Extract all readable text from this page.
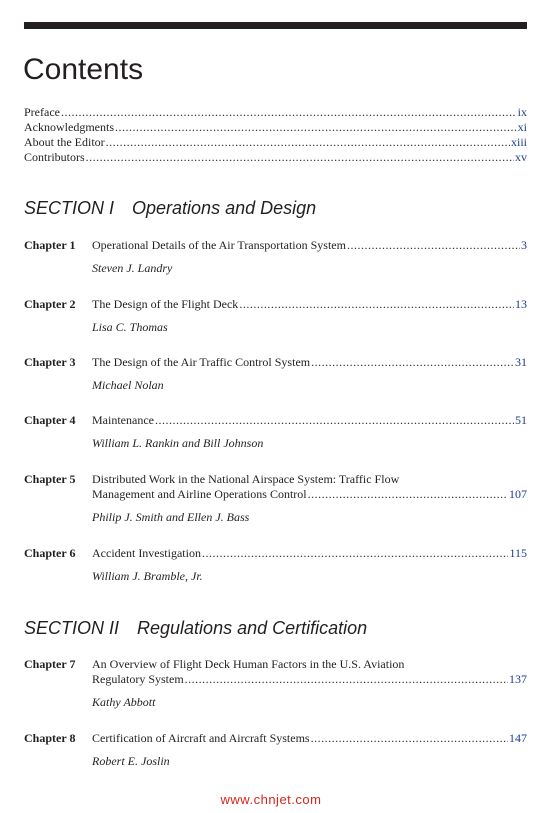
Contents
Preface .....	ix
Acknowledgments .....	xi
About the Editor .....	xiii
Contributors .....	xv
SECTION I Operations and Design
Chapter 1 Operational Details of the Air Transportation System .....	3
Steven J. Landry
Chapter 2 The Design of the Flight Deck .....	13
Lisa C. Thomas
Chapter 3 The Design of the Air Traffic Control System .....	31
Michael Nolan
Chapter 4 Maintenance .....	51
William L. Rankin and Bill Johnson
Chapter 5 Distributed Work in the National Airspace System: Traffic Flow
Management and Airline Operations Control .....	107
Philip J. Smith and Ellen J. Bass
Chapter 6 Accident Investigation .....	115
William J. Bramble, Jr.
SECTION II Regulations and Certification
Chapter 7 An Overview of Flight Deck Human Factors in the U.S. Aviation
Regulatory System .....	137
Kathy Abbott
Chapter 8 Certification of Aircraft and Aircraft Systems .....	147
Robert E. Joslin
www.chnjet.com
